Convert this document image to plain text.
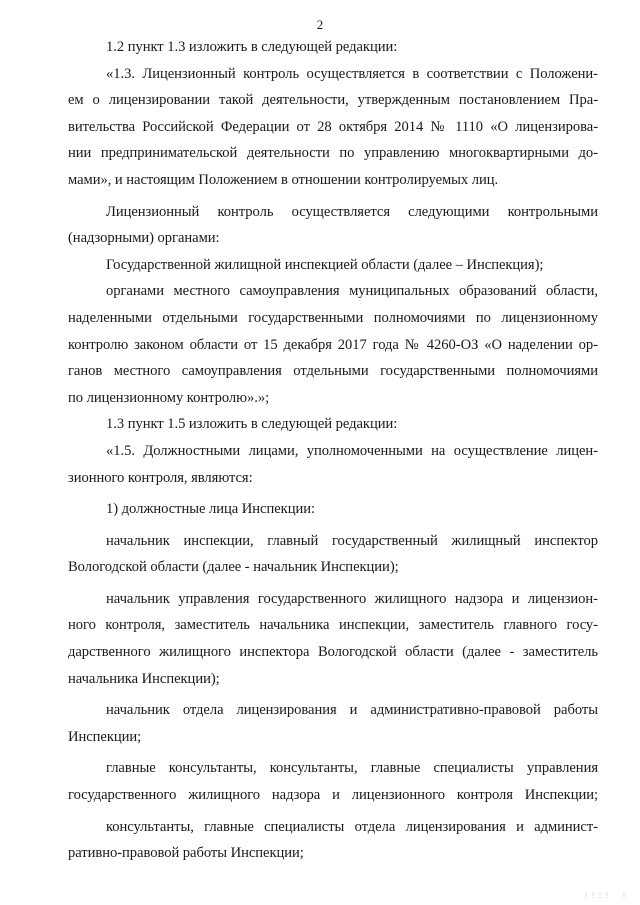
2
1.2 пункт 1.3 изложить в следующей редакции:
«1.3. Лицензионный контроль осуществляется в соответствии с Положени-
ем о лицензировании такой деятельности, утвержденным постановлением Пра-
вительства Российской Федерации от 28 октября 2014 № 1110 «О лицензирова-
нии предпринимательской деятельности по управлению многоквартирными до-
мами», и настоящим Положением в отношении контролируемых лиц.
Лицензионный контроль осуществляется следующими контрольными
(надзорными) органами:
Государственной жилищной инспекцией области (далее – Инспекция);
органами местного самоуправления муниципальных образований области,
наделенными отдельными государственными полномочиями по лицензионному
контролю законом области от 15 декабря 2017 года № 4260-ОЗ «О наделении ор-
ганов местного самоуправления отдельными государственными полномочиями
по лицензионному контролю».»;
1.3 пункт 1.5 изложить в следующей редакции:
«1.5. Должностными лицами, уполномоченными на осуществление лицен-
зионного контроля, являются:
1) должностные лица Инспекции:
начальник инспекции, главный государственный жилищный инспектор
Вологодской области (далее - начальник Инспекции);
начальник управления государственного жилищного надзора и лицензион-
ного контроля, заместитель начальника инспекции, заместитель главного госу-
дарственного жилищного инспектора Вологодской области (далее - заместитель
начальника Инспекции);
начальник отдела лицензирования и административно-правовой работы
Инспекции;
главные консультанты, консультанты, главные специалисты управления
государственного жилищного надзора и лицензионного контроля Инспекции;
консультанты, главные специалисты отдела лицензирования и админист-
ративно-правовой работы Инспекции;
⋮⋮⋮⋮    ⋮
